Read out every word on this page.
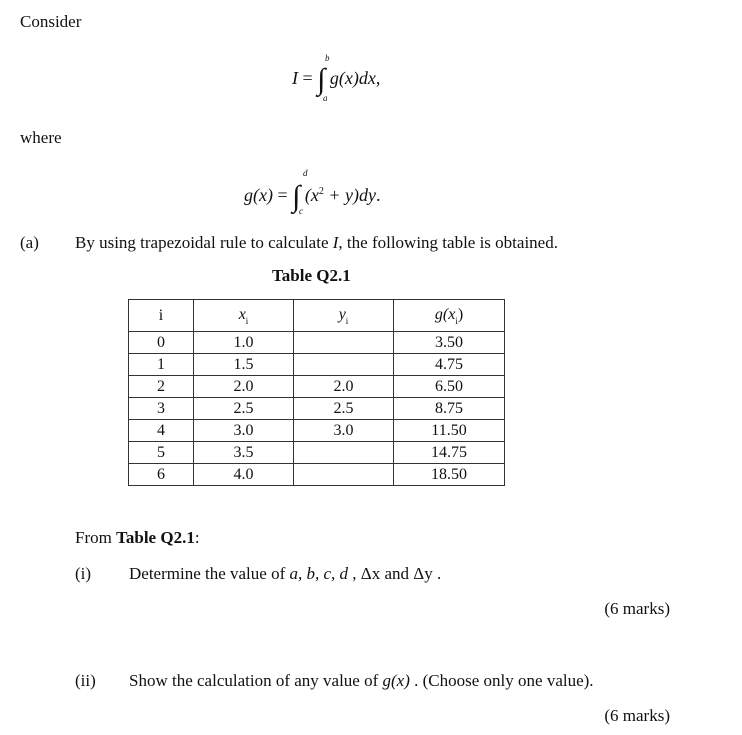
Consider
I = ∫ g(x)dx,
b
a
where
g(x) = ∫ $(x^2 + y)dy$.
d
c
(a) By using trapezoidal rule to calculate I, the following table is obtained.
Table Q2.1
i	$x_i$	$y_i$	$g(x_i)$
0	1.0		3.50
1	1.5		4.75
2	2.0	2.0	6.50
3	2.5	2.5	8.75
4	3.0	3.0	11.50
5	3.5		14.75
6	4.0		18.50
From Table Q2.1:
(i) Determine the value of a, b, c, d , Δx and Δy .
(6 marks)
(ii) Show the calculation of any value of g(x) . (Choose only one value).
(6 marks)
